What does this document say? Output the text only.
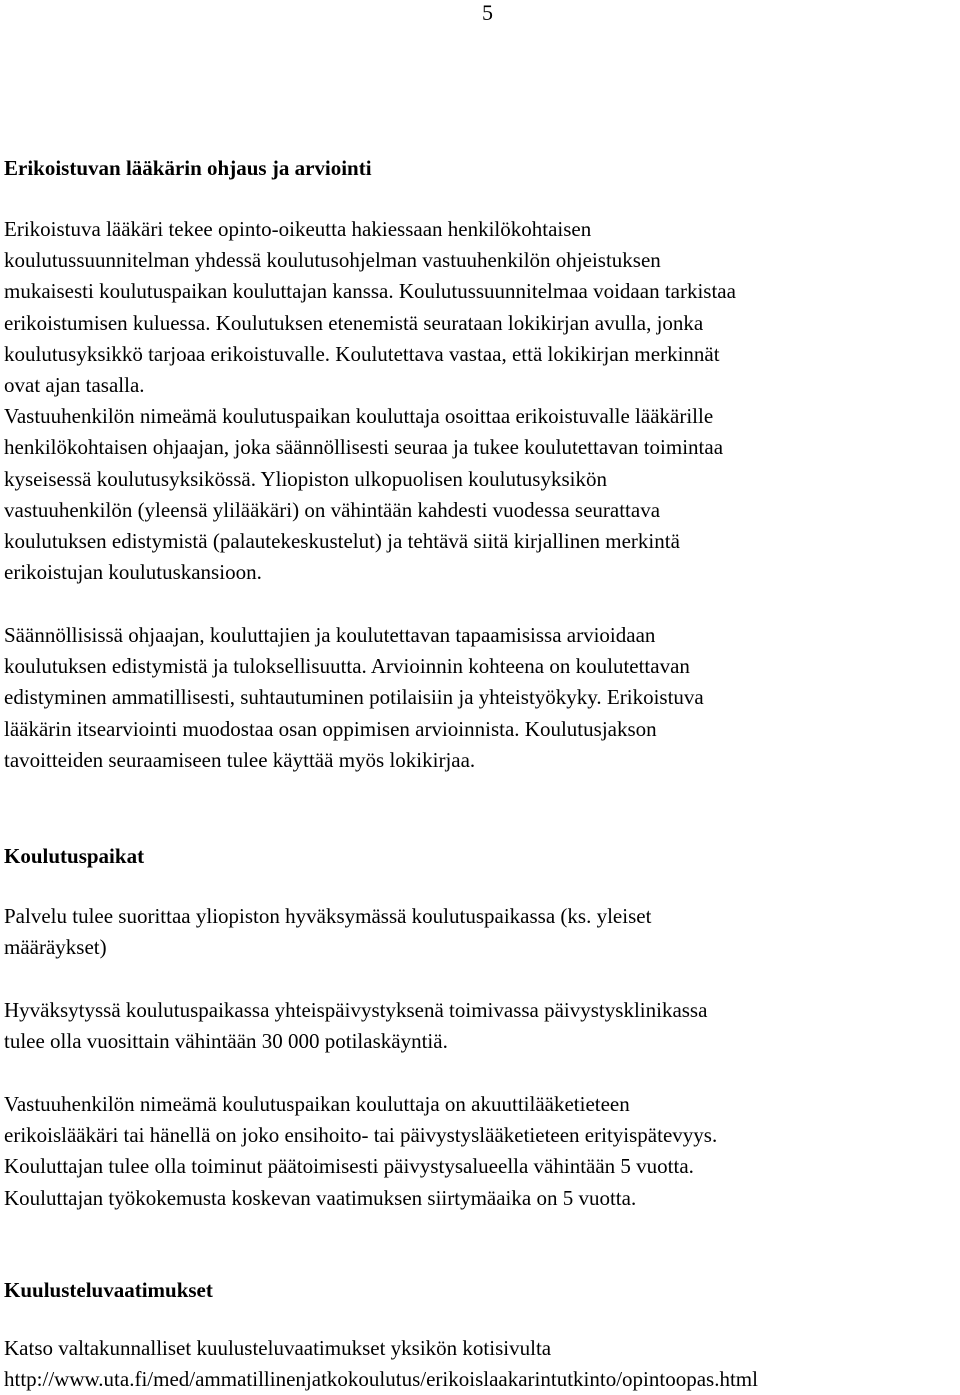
5
Erikoistuvan lääkärin ohjaus ja arviointi
Erikoistuva lääkäri tekee opinto-oikeutta hakiessaan henkilökohtaisen
koulutussuunnitelman yhdessä koulutusohjelman vastuuhenkilön ohjeistuksen
mukaisesti koulutuspaikan kouluttajan kanssa. Koulutussuunnitelmaa voidaan tarkistaa
erikoistumisen kuluessa. Koulutuksen etenemistä seurataan lokikirjan avulla, jonka
koulutusyksikkö tarjoaa erikoistuvalle. Koulutettava vastaa, että lokikirjan merkinnät
ovat ajan tasalla.
Vastuuhenkilön nimeämä koulutuspaikan kouluttaja osoittaa erikoistuvalle lääkärille
henkilökohtaisen ohjaajan, joka säännöllisesti seuraa ja tukee koulutettavan toimintaa
kyseisessä koulutusyksikössä. Yliopiston ulkopuolisen koulutusyksikön
vastuuhenkilön (yleensä ylilääkäri) on vähintään kahdesti vuodessa seurattava
koulutuksen edistymistä (palautekeskustelut) ja tehtävä siitä kirjallinen merkintä
erikoistujan koulutuskansioon.
Säännöllisissä ohjaajan, kouluttajien ja koulutettavan tapaamisissa arvioidaan
koulutuksen edistymistä ja tuloksellisuutta. Arvioinnin kohteena on koulutettavan
edistyminen ammatillisesti, suhtautuminen potilaisiin ja yhteistyökyky. Erikoistuva
lääkärin itsearviointi muodostaa osan oppimisen arvioinnista. Koulutusjakson
tavoitteiden seuraamiseen tulee käyttää myös lokikirjaa.
Koulutuspaikat
Palvelu tulee suorittaa yliopiston hyväksymässä koulutuspaikassa (ks. yleiset
määräykset)
Hyväksytyssä koulutuspaikassa yhteispäivystyksenä toimivassa päivystysklinikassa
tulee olla vuosittain vähintään 30 000 potilaskäyntiä.
Vastuuhenkilön nimeämä koulutuspaikan kouluttaja on akuuttilääketieteen
erikoislääkäri tai hänellä on joko ensihoito- tai päivystyslääketieteen erityispätevyys.
Kouluttajan tulee olla toiminut päätoimisesti päivystysalueella vähintään 5 vuotta.
Kouluttajan työkokemusta koskevan vaatimuksen siirtymäaika on 5 vuotta.
Kuulusteluvaatimukset
Katso valtakunnalliset kuulusteluvaatimukset yksikön kotisivulta
http://www.uta.fi/med/ammatillinenjatkokoulutus/erikoislaakarintutkinto/opintoopas.html
